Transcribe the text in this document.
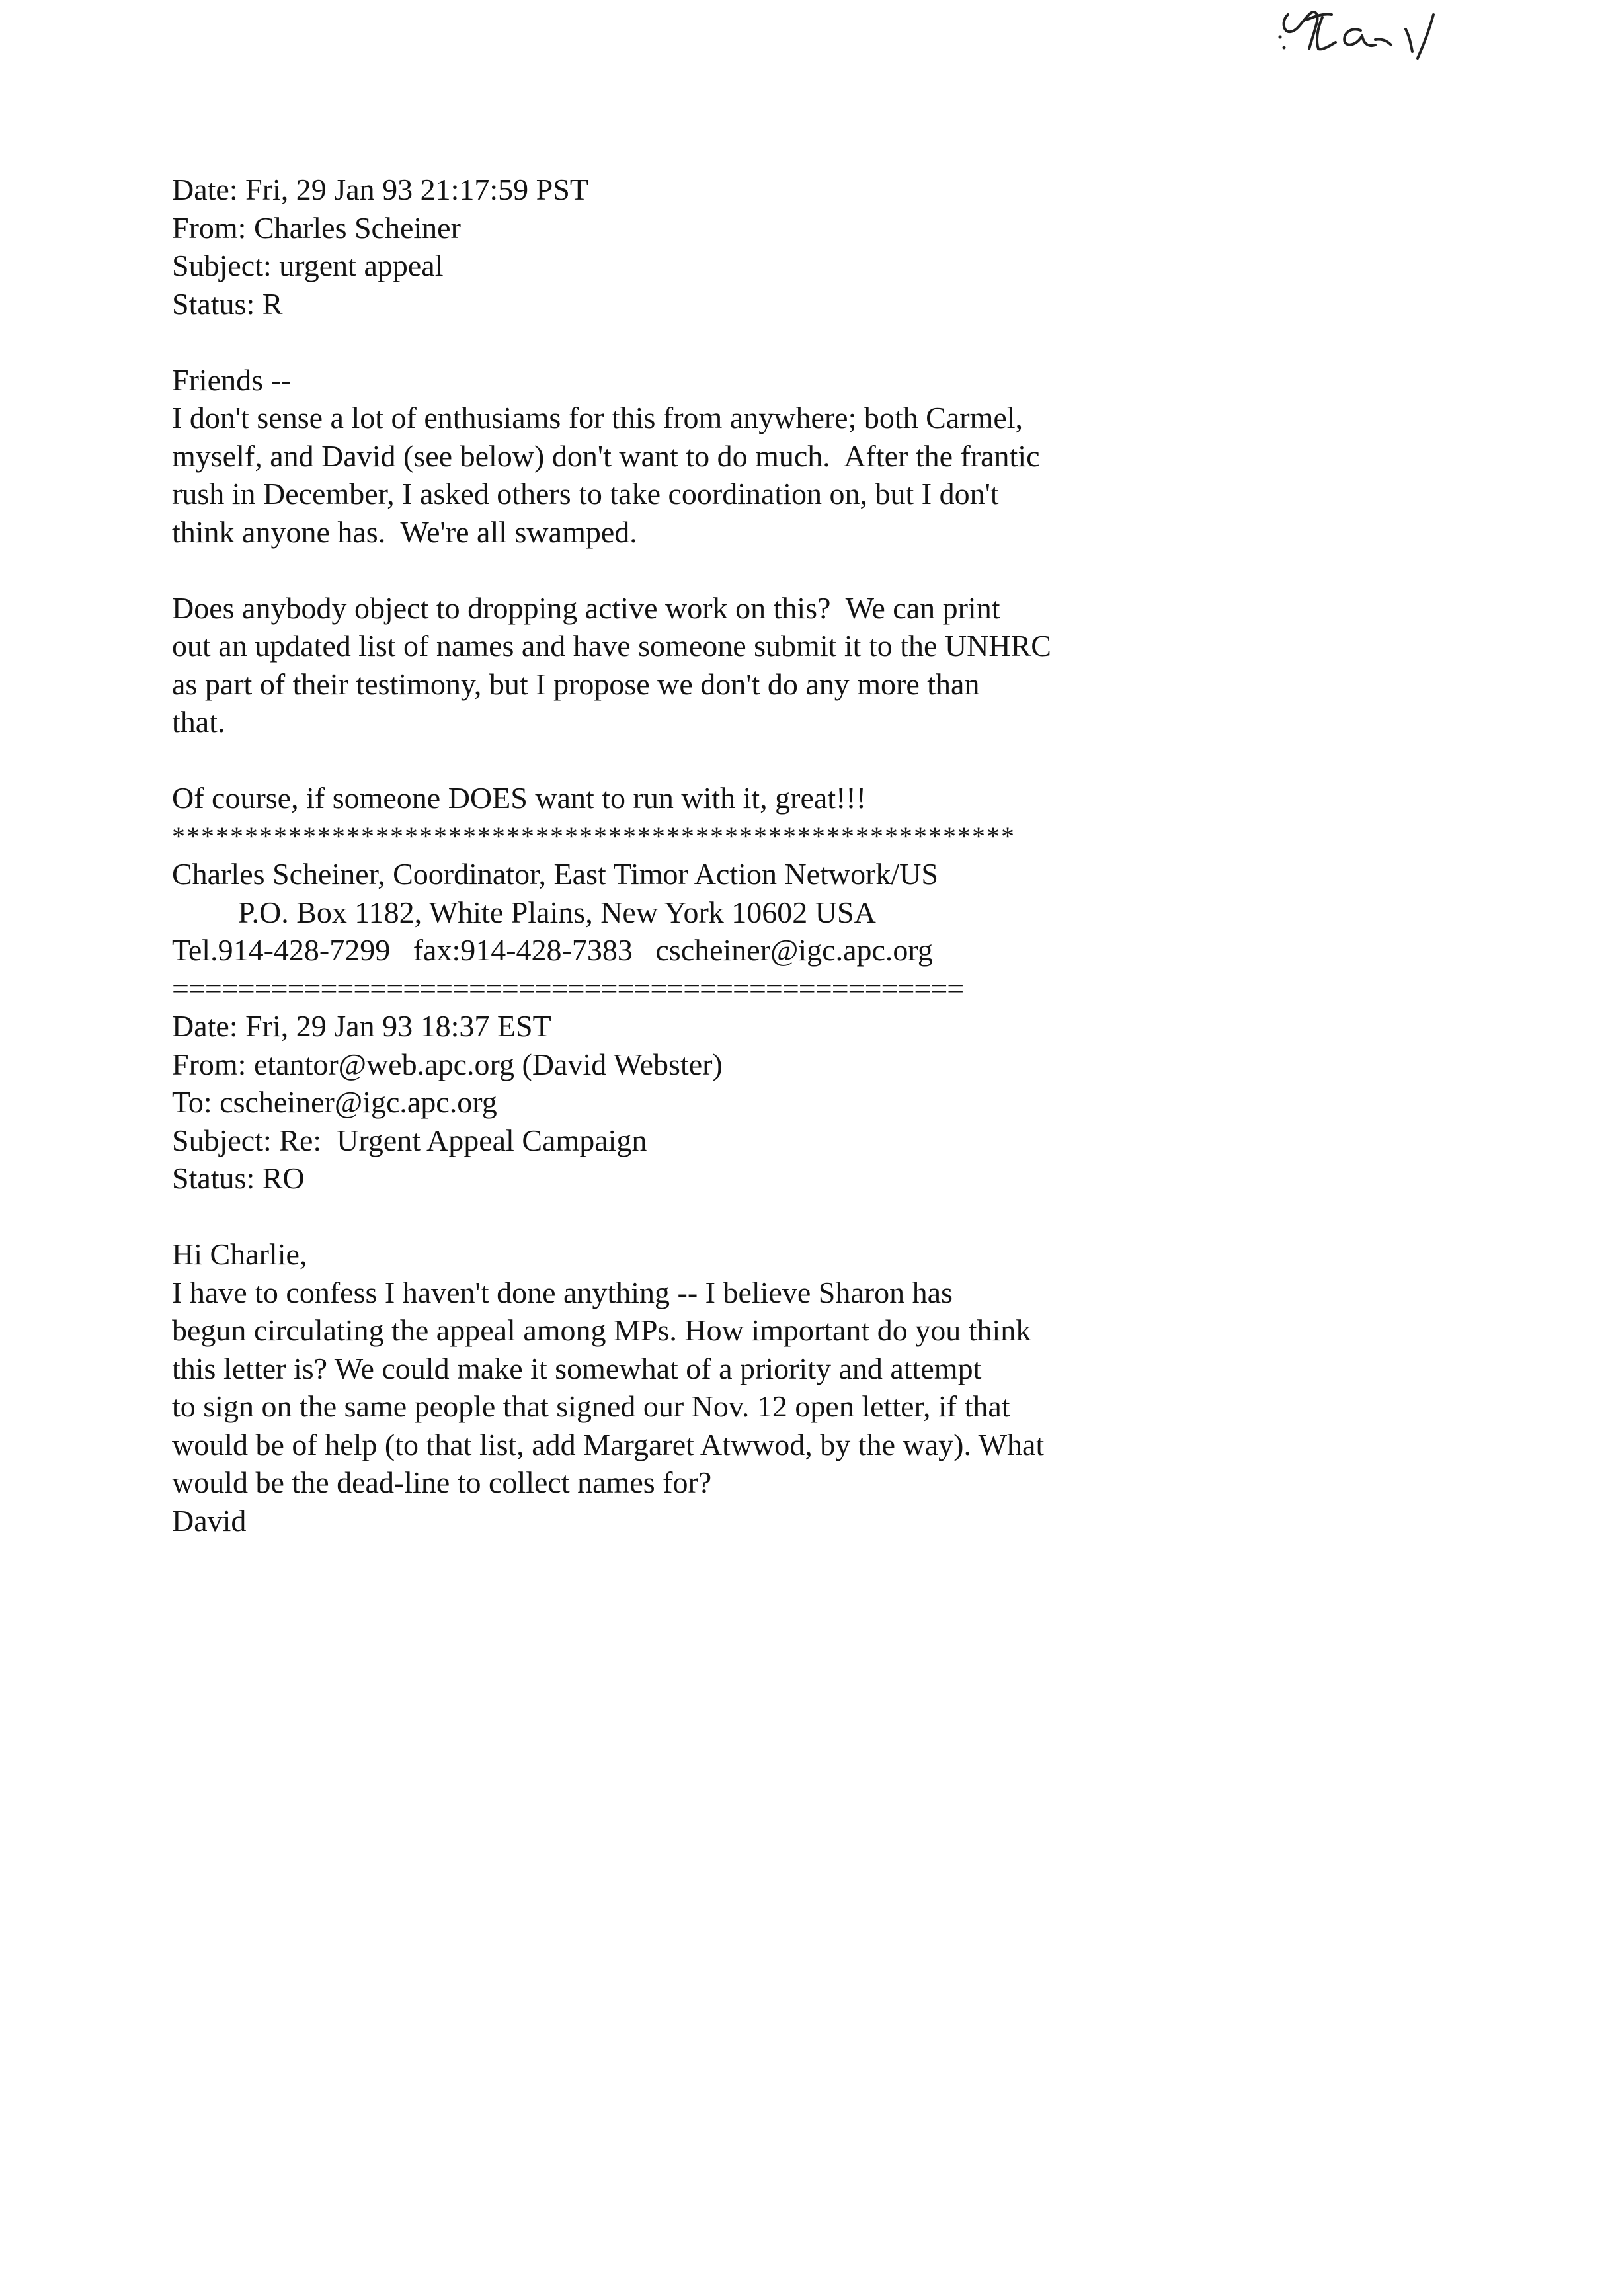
Date: Fri, 29 Jan 93 21:17:59 PST
From: Charles Scheiner
Subject: urgent appeal
Status: R
Friends --
I don't sense a lot of enthusiams for this from anywhere; both Carmel,
myself, and David (see below) don't want to do much.  After the frantic
rush in December, I asked others to take coordination on, but I don't
think anyone has.  We're all swamped.
Does anybody object to dropping active work on this?  We can print
out an updated list of names and have someone submit it to the UNHRC
as part of their testimony, but I propose we don't do any more than
that.
Of course, if someone DOES want to run with it, great!!!
**********************************************************
Charles Scheiner, Coordinator, East Timor Action Network/US
P.O. Box 1182, White Plains, New York 10602 USA
Tel.914-428-7299   fax:914-428-7383   cscheiner@igc.apc.org
================================================
Date: Fri, 29 Jan 93 18:37 EST
From: etantor@web.apc.org (David Webster)
To: cscheiner@igc.apc.org
Subject: Re:  Urgent Appeal Campaign
Status: RO
Hi Charlie,
I have to confess I haven't done anything -- I believe Sharon has
begun circulating the appeal among MPs. How important do you think
this letter is? We could make it somewhat of a priority and attempt
to sign on the same people that signed our Nov. 12 open letter, if that
would be of help (to that list, add Margaret Atwwod, by the way). What
would be the dead-line to collect names for?
David
